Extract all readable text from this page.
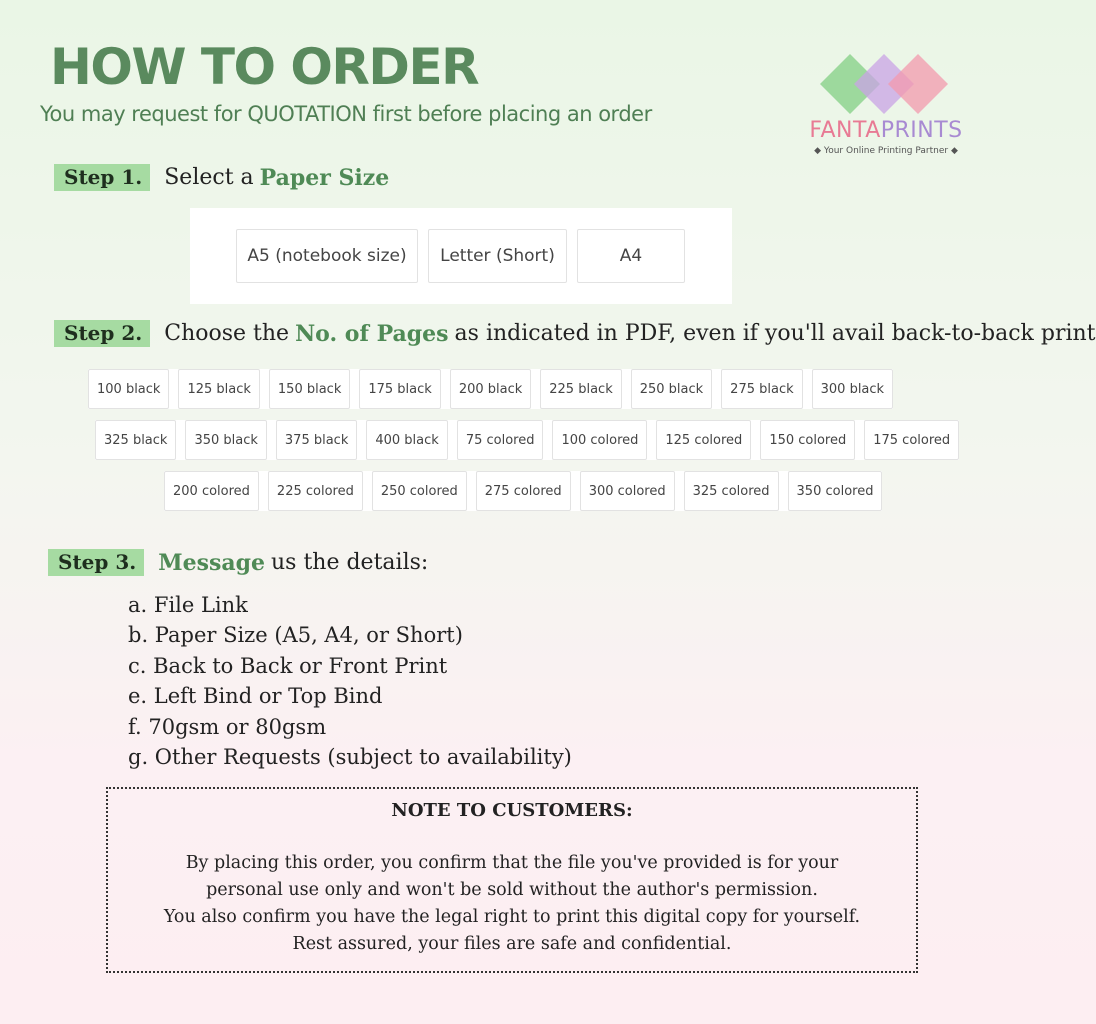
HOW TO ORDER
You may request for QUOTATION first before placing an order
FANTAPRINTS
◆ Your Online Printing Partner ◆
Step 1.	Select a Paper Size
A5 (notebook size)	Letter (Short)	A4
Step 2.	Choose the No. of Pages as indicated in PDF, even if you'll avail back-to-back print
100 black	125 black	150 black	175 black	200 black	225 black	250 black	275 black	300 black
325 black	350 black	375 black	400 black	75 colored	100 colored	125 colored	150 colored	175 colored
200 colored	225 colored	250 colored	275 colored	300 colored	325 colored	350 colored
Step 3.	Message us the details:
a. File Link
b. Paper Size (A5, A4, or Short)
c. Back to Back or Front Print
e. Left Bind or Top Bind
f. 70gsm or 80gsm
g. Other Requests (subject to availability)
NOTE TO CUSTOMERS:
By placing this order, you confirm that the file you've provided is for your
personal use only and won't be sold without the author's permission.
You also confirm you have the legal right to print this digital copy for yourself.
Rest assured, your files are safe and confidential.
